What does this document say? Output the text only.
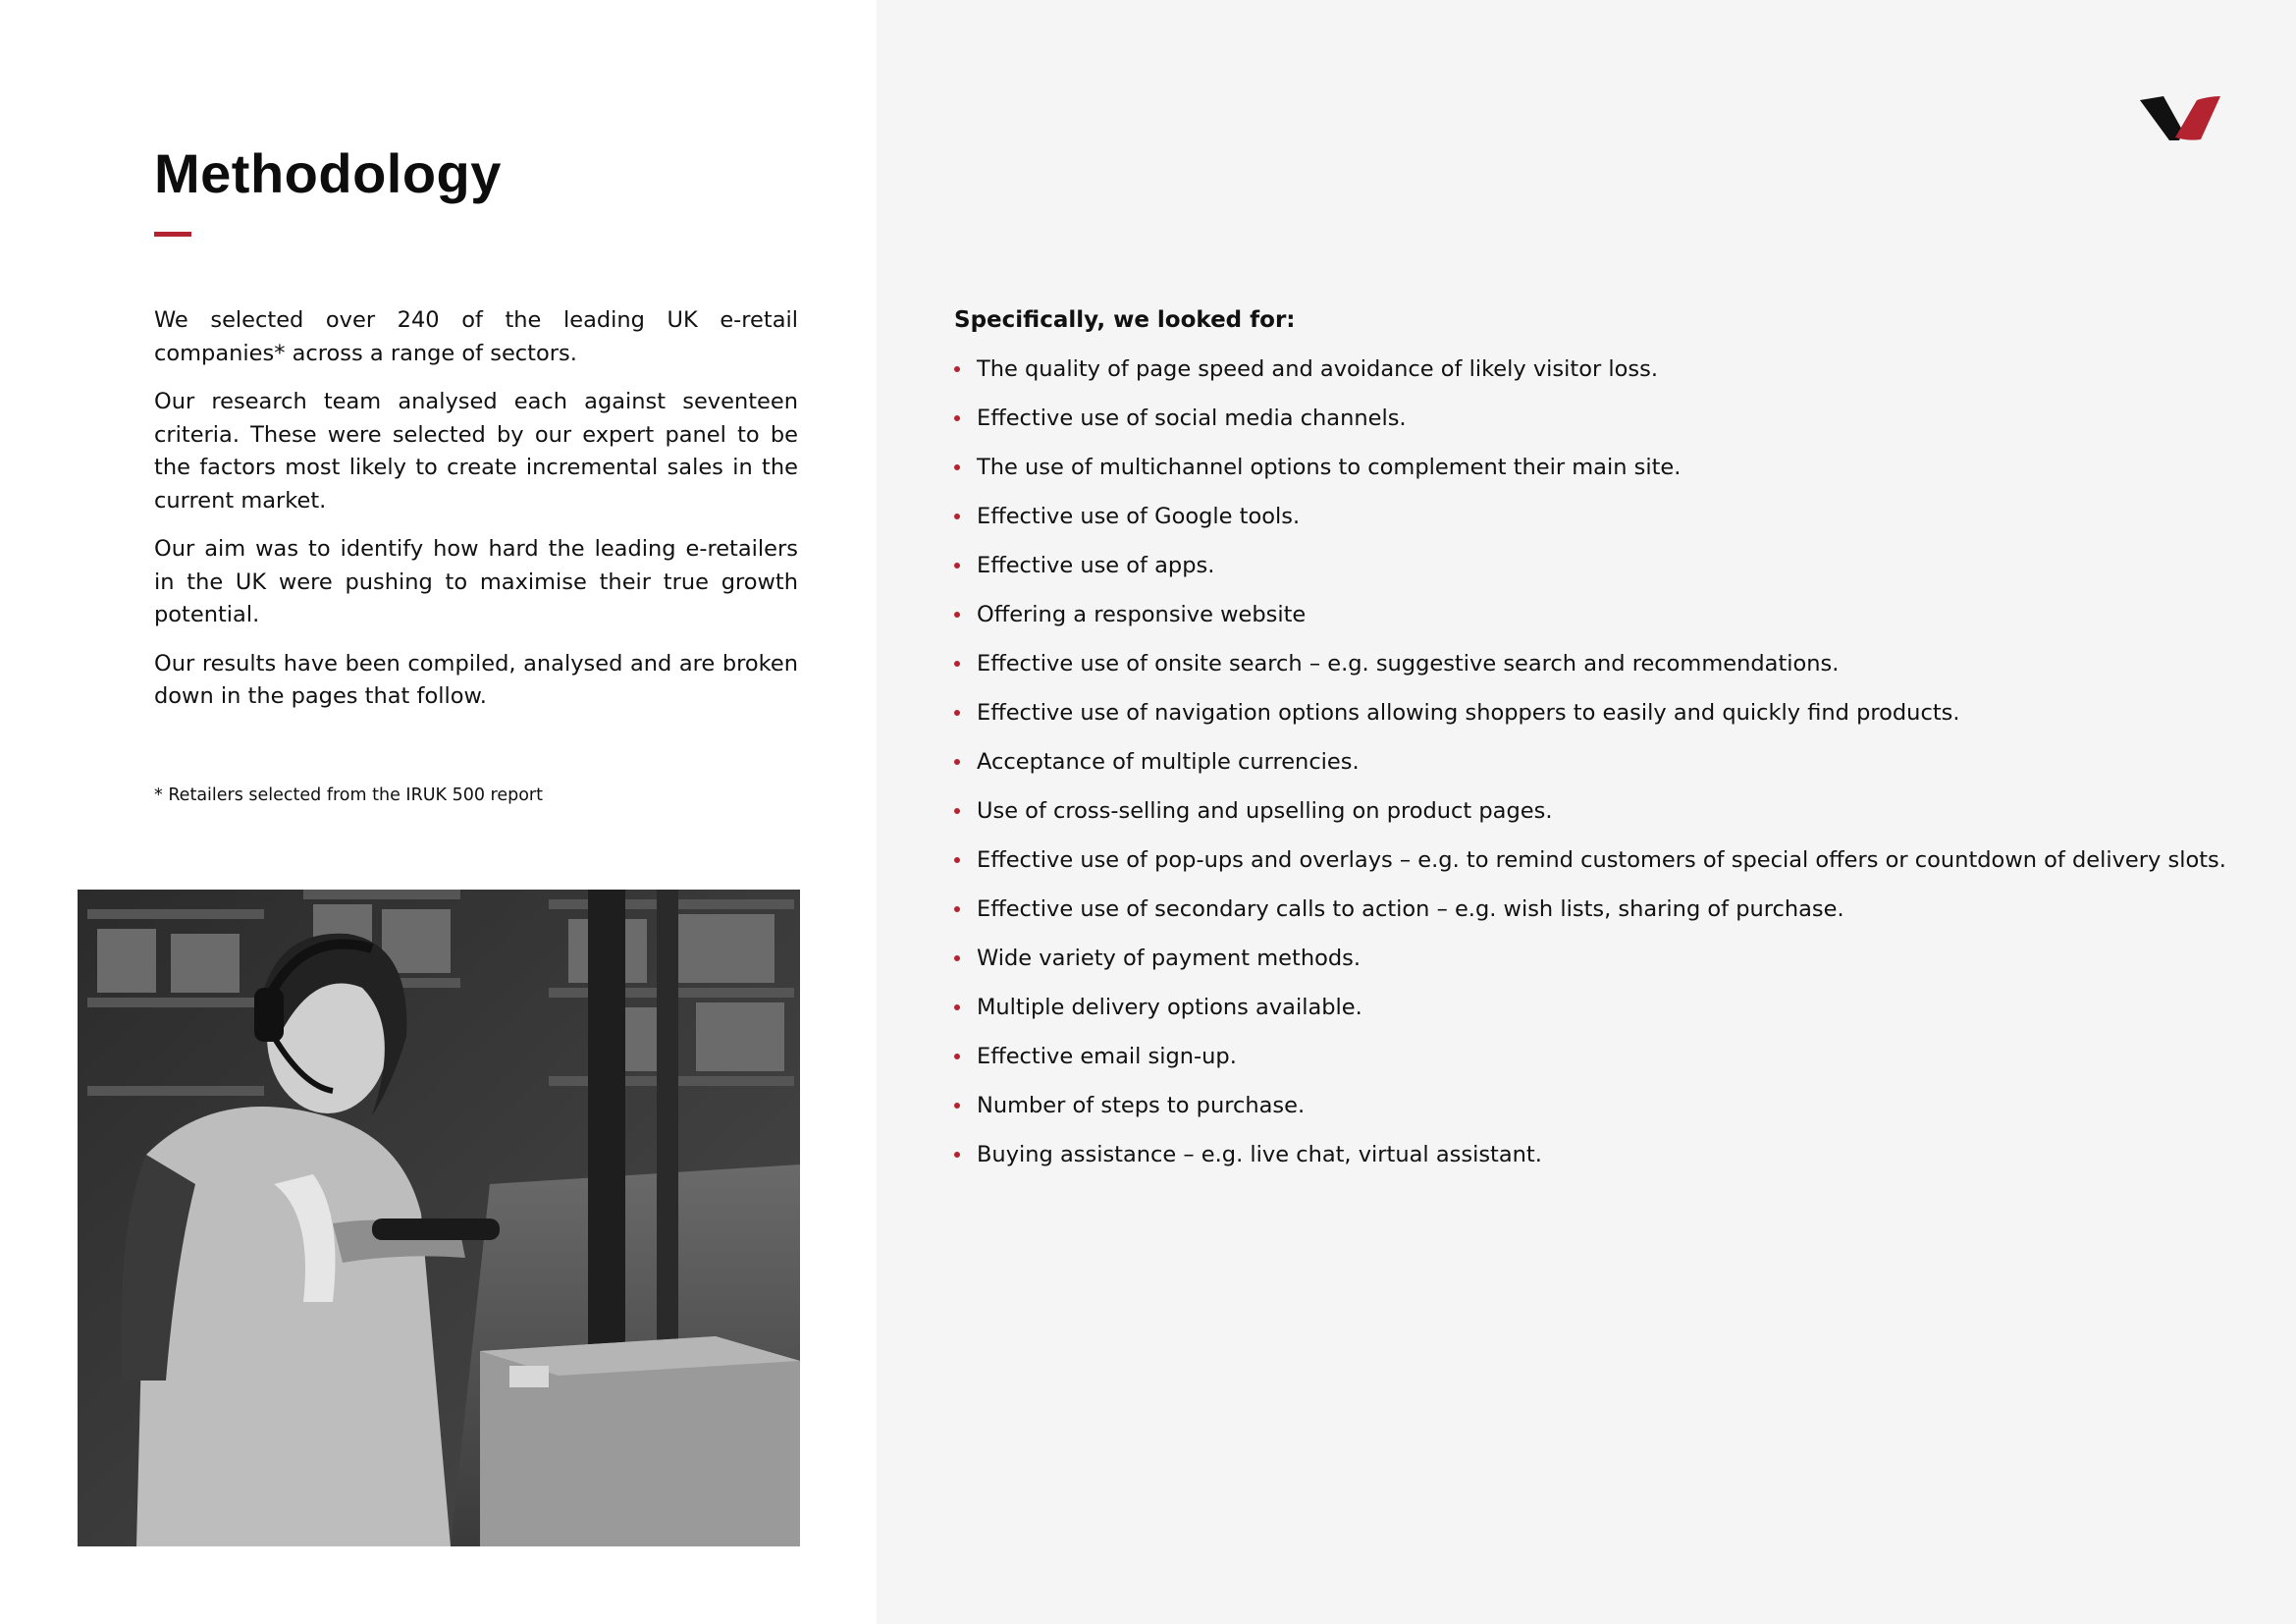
Methodology

We selected over 240 of the leading UK e-retail companies* across a range of sectors.

Our research team analysed each against seventeen criteria. These were selected by our expert panel to be the factors most likely to create incremental sales in the current market.

Our aim was to identify how hard the leading e-retailers in the UK were pushing to maximise their true growth potential.

Our results have been compiled, analysed and are broken down in the pages that follow.

* Retailers selected from the IRUK 500 report

Specifically, we looked for:

The quality of page speed and avoidance of likely visitor loss.
Effective use of social media channels.
The use of multichannel options to complement their main site.
Effective use of Google tools.
Effective use of apps.
Offering a responsive website
Effective use of onsite search – e.g. suggestive search and recommendations.
Effective use of navigation options allowing shoppers to easily and quickly find products.
Acceptance of multiple currencies.
Use of cross-selling and upselling on product pages.
Effective use of pop-ups and overlays – e.g. to remind customers of special offers or countdown of delivery slots.
Effective use of secondary calls to action – e.g. wish lists, sharing of purchase.
Wide variety of payment methods.
Multiple delivery options available.
Effective email sign-up.
Number of steps to purchase.
Buying assistance – e.g. live chat, virtual assistant.
